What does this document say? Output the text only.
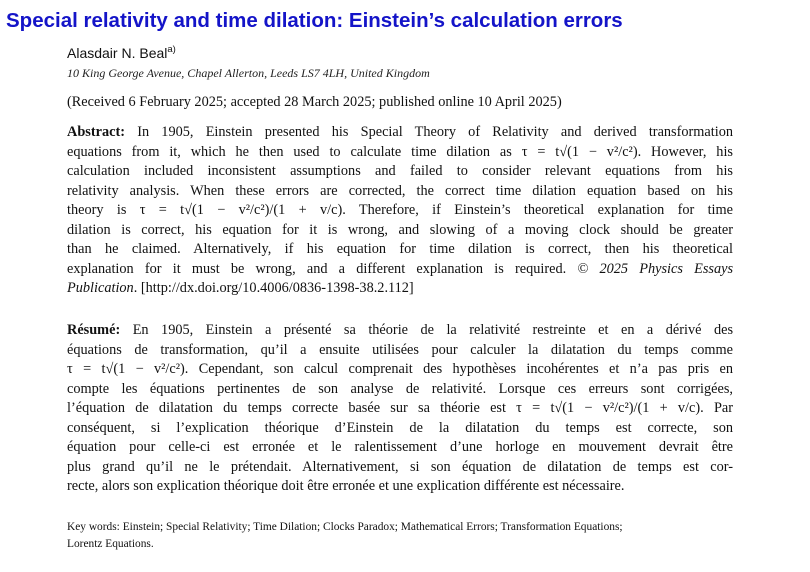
Special relativity and time dilation: Einstein’s calculation errors
Alasdair N. Beal$^{a)}$
10 King George Avenue, Chapel Allerton, Leeds LS7 4LH, United Kingdom
(Received 6 February 2025; accepted 28 March 2025; published online 10 April 2025)
Abstract: In 1905, Einstein presented his Special Theory of Relativity and derived transformation
equations from it, which he then used to calculate time dilation as τ = t√(1 − v²/c²). However, his
calculation included inconsistent assumptions and failed to consider relevant equations from his
relativity analysis. When these errors are corrected, the correct time dilation equation based on his
theory is τ = t√(1 − v²/c²)/(1 + v/c). Therefore, if Einstein’s theoretical explanation for time
dilation is correct, his equation for it is wrong, and slowing of a moving clock should be greater
than he claimed. Alternatively, if his equation for time dilation is correct, then his theoretical
explanation for it must be wrong, and a different explanation is required. © 2025 Physics Essays
Publication. [http://dx.doi.org/10.4006/0836-1398-38.2.112]
Résumé: En 1905, Einstein a présenté sa théorie de la relativité restreinte et en a dérivé des
équations de transformation, qu’il a ensuite utilisées pour calculer la dilatation du temps comme
τ = t√(1 − v²/c²). Cependant, son calcul comprenait des hypothèses incohérentes et n’a pas pris en
compte les équations pertinentes de son analyse de relativité. Lorsque ces erreurs sont corrigées,
l’équation de dilatation du temps correcte basée sur sa théorie est τ = t√(1 − v²/c²)/(1 + v/c). Par
conséquent, si l’explication théorique d’Einstein de la dilatation du temps est correcte, son
équation pour celle-ci est erronée et le ralentissement d’une horloge en mouvement devrait être
plus grand qu’il ne le prétendait. Alternativement, si son équation de dilatation de temps est cor-
recte, alors son explication théorique doit être erronée et une explication différente est nécessaire.
Key words: Einstein; Special Relativity; Time Dilation; Clocks Paradox; Mathematical Errors; Transformation Equations;
Lorentz Equations.
